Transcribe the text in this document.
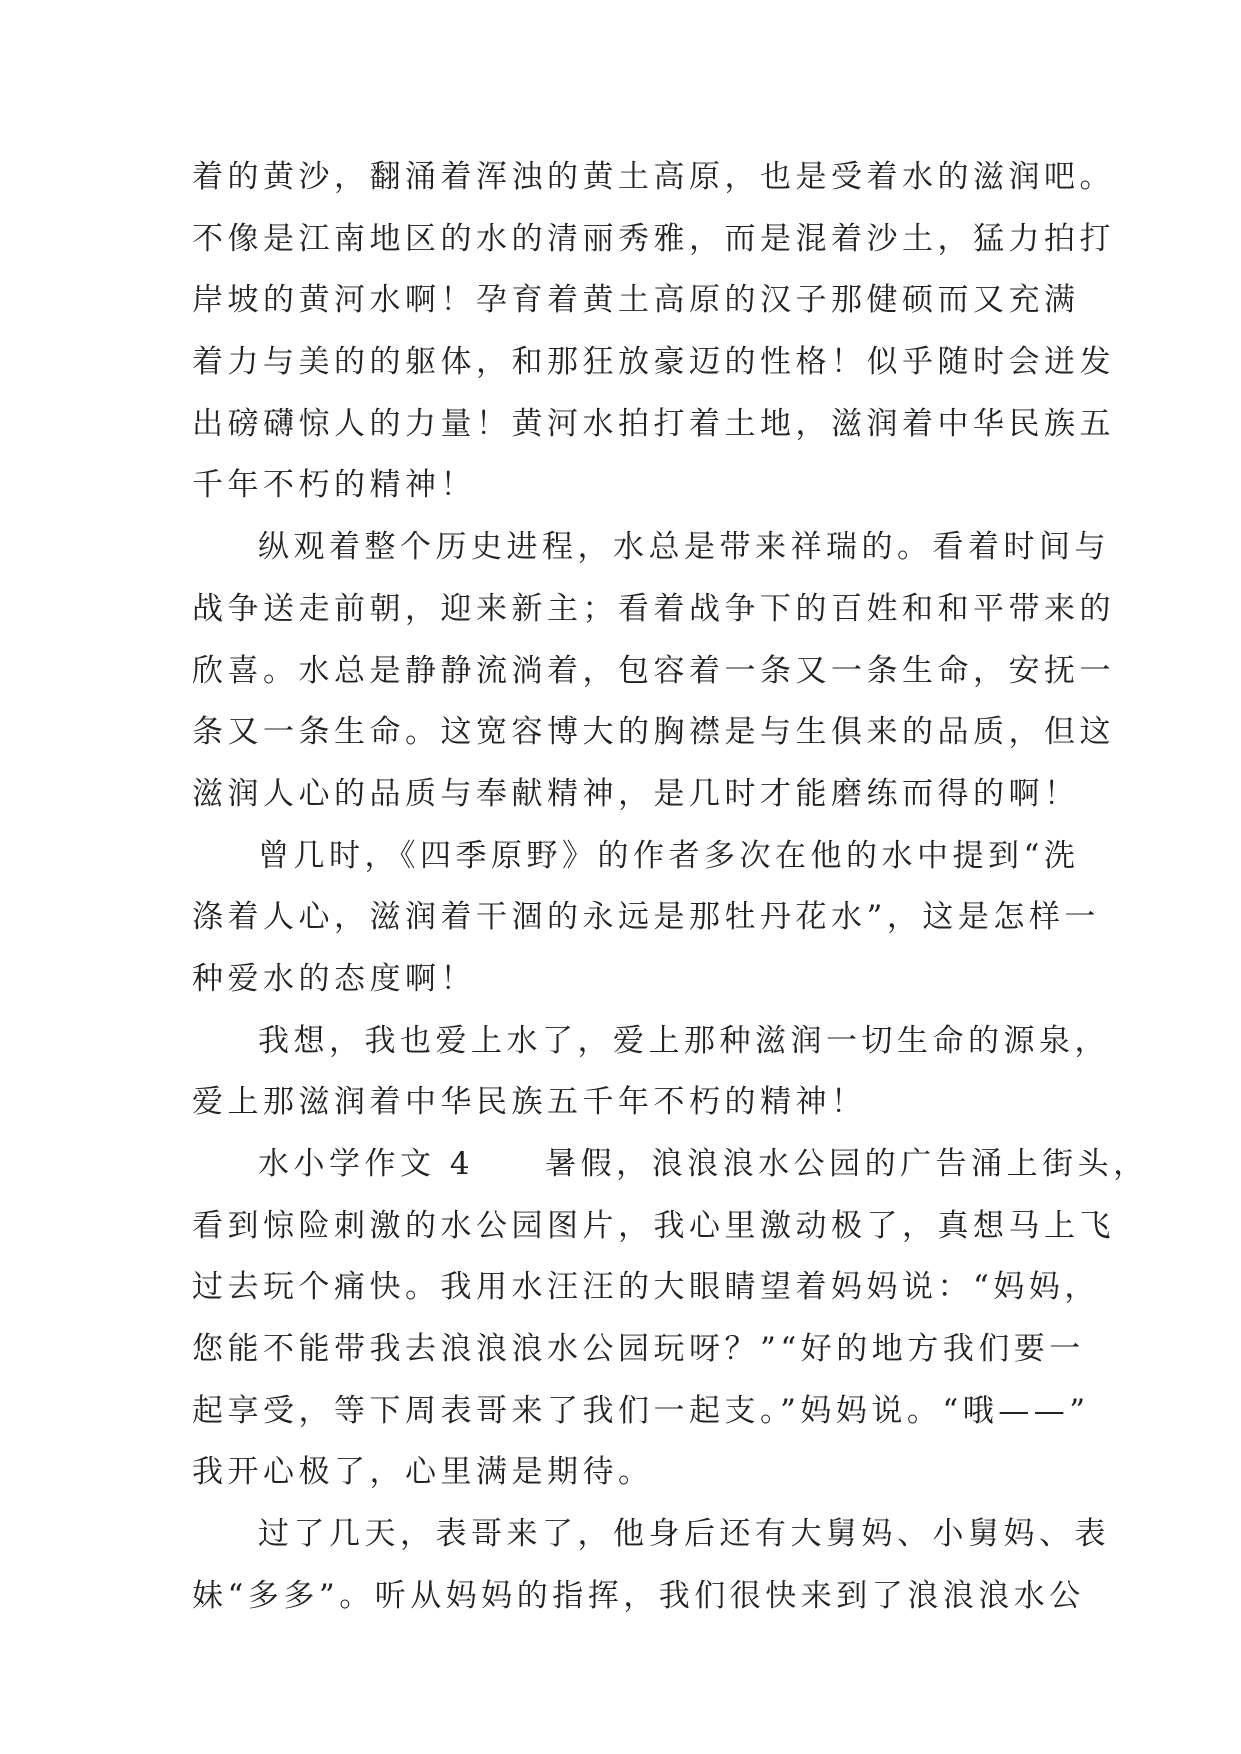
着的黄沙，翻涌着浑浊的黄土高原，也是受着水的滋润吧。
不像是江南地区的水的清丽秀雅，而是混着沙土，猛力拍打
岸坡的黄河水啊！孕育着黄土高原的汉子那健硕而又充满
着力与美的的躯体，和那狂放豪迈的性格！似乎随时会迸发
出磅礴惊人的力量！黄河水拍打着土地，滋润着中华民族五
千年不朽的精神！
纵观着整个历史进程，水总是带来祥瑞的。看着时间与
战争送走前朝，迎来新主；看着战争下的百姓和和平带来的
欣喜。水总是静静流淌着，包容着一条又一条生命，安抚一
条又一条生命。这宽容博大的胸襟是与生俱来的品质，但这
滋润人心的品质与奉献精神，是几时才能磨练而得的啊！
曾几时，《四季原野》的作者多次在他的水中提到“洗
涤着人心，滋润着干涸的永远是那牡丹花水”，这是怎样一
种爱水的态度啊！
我想，我也爱上水了，爱上那种滋润一切生命的源泉，
爱上那滋润着中华民族五千年不朽的精神！
水小学作文 4　　暑假，浪浪浪水公园的广告涌上街头，
看到惊险刺激的水公园图片，我心里激动极了，真想马上飞
过去玩个痛快。我用水汪汪的大眼睛望着妈妈说：“妈妈，
您能不能带我去浪浪浪水公园玩呀？”“好的地方我们要一
起享受，等下周表哥来了我们一起支。”妈妈说。“哦——”
我开心极了，心里满是期待。
过了几天，表哥来了，他身后还有大舅妈、小舅妈、表
妹“多多”。听从妈妈的指挥，我们很快来到了浪浪浪水公
